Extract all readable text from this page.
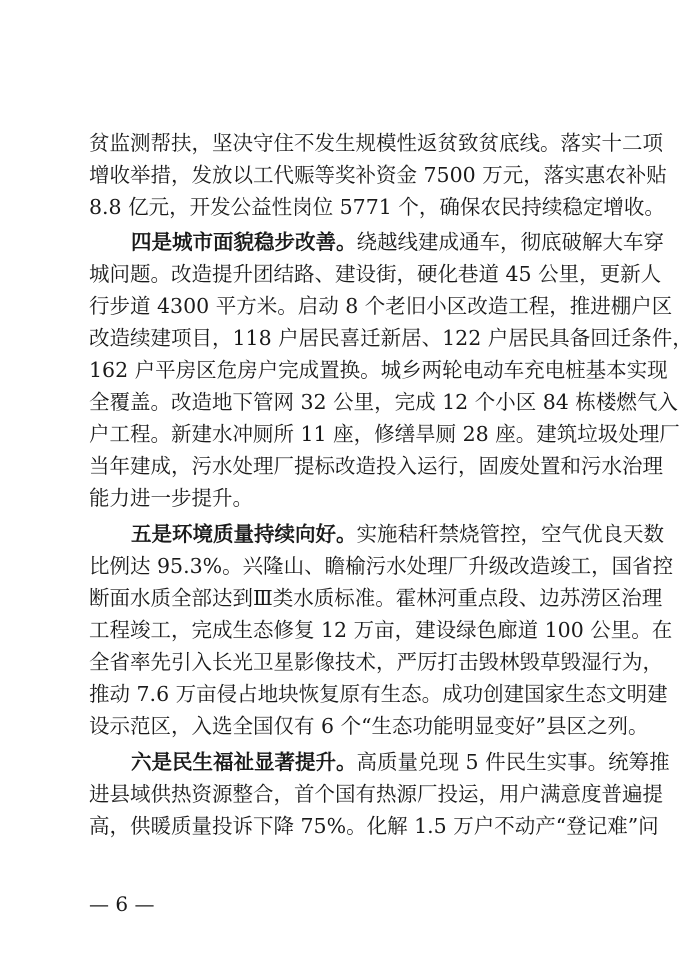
贫监测帮扶，坚决守住不发生规模性返贫致贫底线。落实十二项
增收举措，发放以工代赈等奖补资金 7500 万元，落实惠农补贴
8.8 亿元，开发公益性岗位 5771 个，确保农民持续稳定增收。
四是城市面貌稳步改善。绕越线建成通车，彻底破解大车穿
城问题。改造提升团结路、建设街，硬化巷道 45 公里，更新人
行步道 4300 平方米。启动 8 个老旧小区改造工程，推进棚户区
改造续建项目，118 户居民喜迁新居、122 户居民具备回迁条件，
162 户平房区危房户完成置换。城乡两轮电动车充电桩基本实现
全覆盖。改造地下管网 32 公里，完成 12 个小区 84 栋楼燃气入
户工程。新建水冲厕所 11 座，修缮旱厕 28 座。建筑垃圾处理厂
当年建成，污水处理厂提标改造投入运行，固废处置和污水治理
能力进一步提升。
五是环境质量持续向好。实施秸秆禁烧管控，空气优良天数
比例达 95.3%。兴隆山、瞻榆污水处理厂升级改造竣工，国省控
断面水质全部达到Ⅲ类水质标准。霍林河重点段、边苏涝区治理
工程竣工，完成生态修复 12 万亩，建设绿色廊道 100 公里。在
全省率先引入长光卫星影像技术，严厉打击毁林毁草毁湿行为，
推动 7.6 万亩侵占地块恢复原有生态。成功创建国家生态文明建
设示范区，入选全国仅有 6 个“生态功能明显变好”县区之列。
六是民生福祉显著提升。高质量兑现 5 件民生实事。统筹推
进县域供热资源整合，首个国有热源厂投运，用户满意度普遍提
高，供暖质量投诉下降 75%。化解 1.5 万户不动产“登记难”问
— 6 —
